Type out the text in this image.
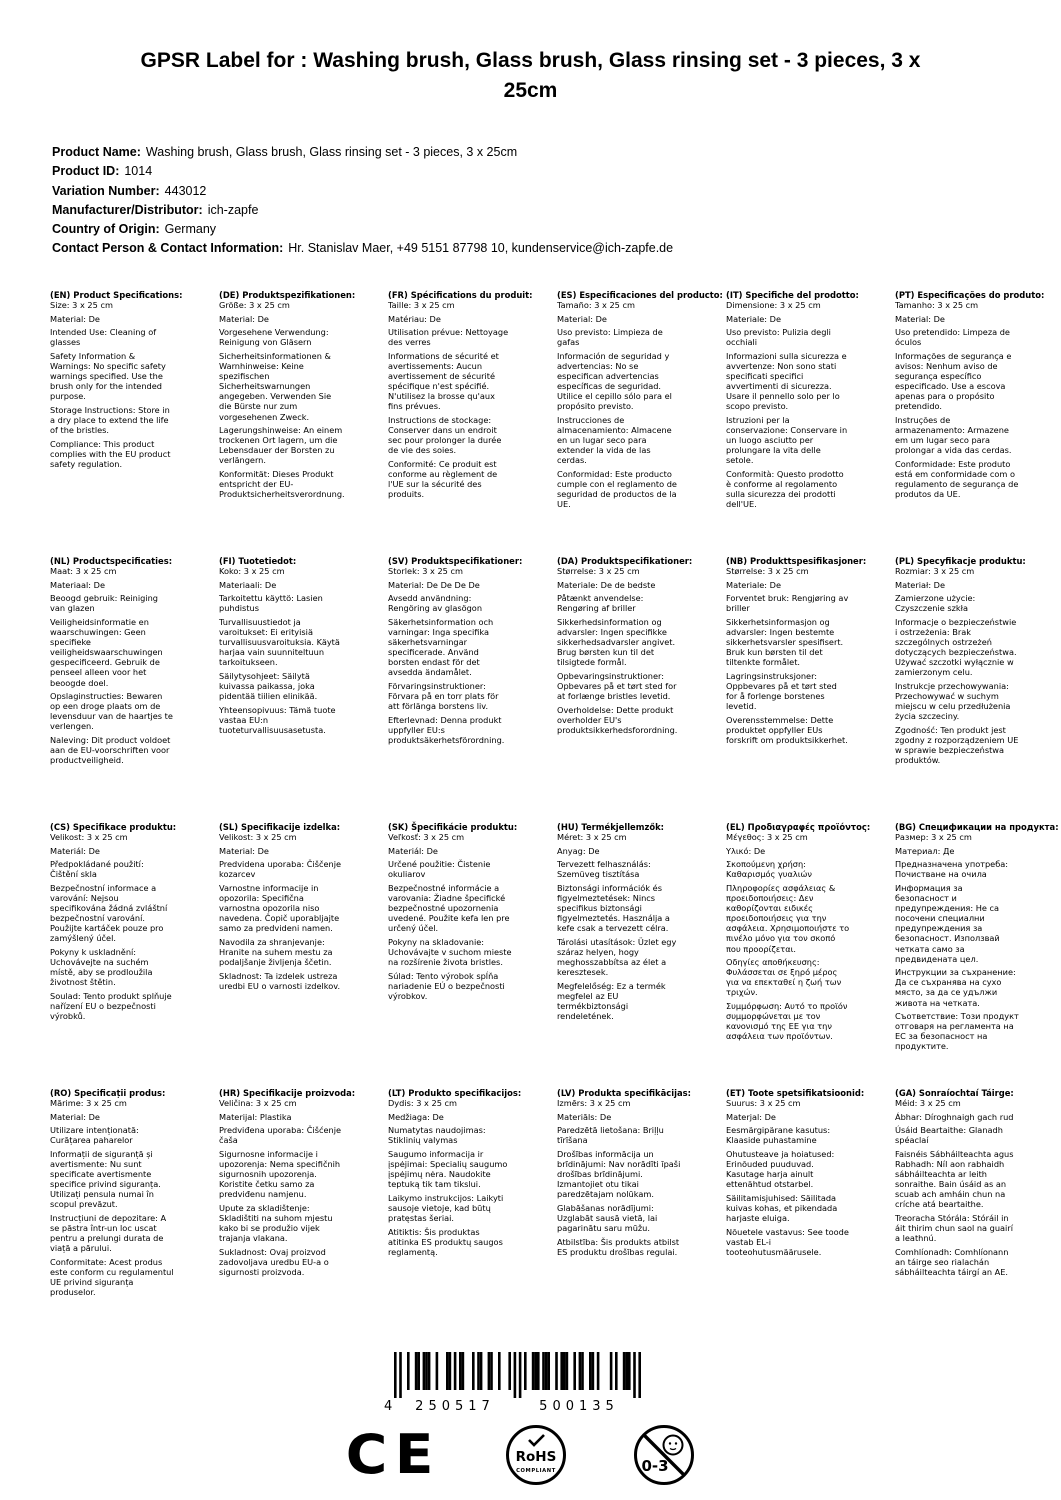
GPSR Label for : Washing brush, Glass brush, Glass rinsing set - 3 pieces, 3 x 25cm
Product Name: Washing brush, Glass brush, Glass rinsing set - 3 pieces, 3 x 25cm
Product ID: 1014
Variation Number: 443012
Manufacturer/Distributor: ich-zapfe
Country of Origin: Germany
Contact Person & Contact Information: Hr. Stanislav Maer, +49 5151 87798 10, kundenservice@ich-zapfe.de
(EN) Product Specifications:

Size: 3 x 25 cm

Material: De

Intended Use: Cleaning of glasses

Safety Information & Warnings: No specific safety warnings specified. Use the brush only for the intended purpose.

Storage Instructions: Store in a dry place to extend the life of the bristles.

Compliance: This product complies with the EU product safety regulation.

(DE) Produktspezifikationen:

Größe: 3 x 25 cm

Material: De

Vorgesehene Verwendung: Reinigung von Gläsern

Sicherheitsinformationen & Warnhinweise: Keine spezifischen Sicherheitswarnungen angegeben. Verwenden Sie die Bürste nur zum vorgesehenen Zweck.

Lagerungshinweise: An einem trockenen Ort lagern, um die Lebensdauer der Borsten zu verlängern.

Konformität: Dieses Produkt entspricht der EU-Produktsicherheitsverordnung.

(FR) Spécifications du produit:

Taille: 3 x 25 cm

Matériau: De

Utilisation prévue: Nettoyage des verres

Informations de sécurité et avertissements: Aucun avertissement de sécurité spécifique n'est spécifié. N'utilisez la brosse qu'aux fins prévues.

Instructions de stockage: Conserver dans un endroit sec pour prolonger la durée de vie des soies.

Conformité: Ce produit est conforme au règlement de l'UE sur la sécurité des produits.

(ES) Especificaciones del producto:

Tamaño: 3 x 25 cm

Material: De

Uso previsto: Limpieza de gafas

Información de seguridad y advertencias: No se especifican advertencias específicas de seguridad. Utilice el cepillo sólo para el propósito previsto.

Instrucciones de almacenamiento: Almacene en un lugar seco para extender la vida de las cerdas.

Conformidad: Este producto cumple con el reglamento de seguridad de productos de la UE.

(IT) Specifiche del prodotto:

Dimensione: 3 x 25 cm

Materiale: De

Uso previsto: Pulizia degli occhiali

Informazioni sulla sicurezza e avvertenze: Non sono stati specificati specifici avvertimenti di sicurezza. Usare il pennello solo per lo scopo previsto.

Istruzioni per la conservazione: Conservare in un luogo asciutto per prolungare la vita delle setole.

Conformità: Questo prodotto è conforme al regolamento sulla sicurezza dei prodotti dell'UE.

(PT) Especificações do produto:

Tamanho: 3 x 25 cm

Material: De

Uso pretendido: Limpeza de óculos

Informações de segurança e avisos: Nenhum aviso de segurança específico especificado. Use a escova apenas para o propósito pretendido.

Instruções de armazenamento: Armazene em um lugar seco para prolongar a vida das cerdas.

Conformidade: Este produto está em conformidade com o regulamento de segurança de produtos da UE.

(NL) Productspecificaties:

Maat: 3 x 25 cm

Materiaal: De

Beoogd gebruik: Reiniging van glazen

Veiligheidsinformatie en waarschuwingen: Geen specifieke veiligheidswaarschuwingen gespecificeerd. Gebruik de penseel alleen voor het beoogde doel.

Opslaginstructies: Bewaren op een droge plaats om de levensduur van de haartjes te verlengen.

Naleving: Dit product voldoet aan de EU-voorschriften voor productveiligheid.

(FI) Tuotetiedot:

Koko: 3 x 25 cm

Materiaali: De

Tarkoitettu käyttö: Lasien puhdistus

Turvallisuustiedot ja varoitukset: Ei erityisiä turvallisuusvaroituksia. Käytä harjaa vain suunniteltuun tarkoitukseen.

Säilytysohjeet: Säilytä kuivassa paikassa, joka pidentää tiilien elinikää.

Yhteensopivuus: Tämä tuote vastaa EU:n tuoteturvallisuusasetusta.

(SV) Produktspecifikationer:

Storlek: 3 x 25 cm

Material: De De De De

Avsedd användning: Rengöring av glasögon

Säkerhetsinformation och varningar: Inga specifika säkerhetsvarningar specificerade. Använd borsten endast för det avsedda ändamålet.

Förvaringsinstruktioner: Förvara på en torr plats för att förlänga borstens liv.

Efterlevnad: Denna produkt uppfyller EU:s produktsäkerhetsförordning.

(DA) Produktspecifikationer:

Størrelse: 3 x 25 cm

Materiale: De de bedste

Påtænkt anvendelse: Rengøring af briller

Sikkerhedsinformation og advarsler: Ingen specifikke sikkerhedsadvarsler angivet. Brug børsten kun til det tilsigtede formål.

Opbevaringsinstruktioner: Opbevares på et tørt sted for at forlænge bristles levetid.

Overholdelse: Dette produkt overholder EU's produktsikkerhedsforordning.

(NB) Produkttspesifikasjoner:

Størrelse: 3 x 25 cm

Materiale: De

Forventet bruk: Rengjøring av briller

Sikkerhetsinformasjon og advarsler: Ingen bestemte sikkerhetsvarsler spesifisert. Bruk kun børsten til det tiltenkte formålet.

Lagringsinstruksjoner: Oppbevares på et tørt sted for å forlenge borstenes levetid.

Overensstemmelse: Dette produktet oppfyller EUs forskrift om produktsikkerhet.

(PL) Specyfikacje produktu:

Rozmiar: 3 x 25 cm

Materiał: De

Zamierzone użycie: Czyszczenie szkła

Informacje o bezpieczeństwie i ostrzeżenia: Brak szczególnych ostrzeżeń dotyczących bezpieczeństwa. Używać szczotki wyłącznie w zamierzonym celu.

Instrukcje przechowywania: Przechowywać w suchym miejscu w celu przedłużenia życia szczeciny.

Zgodność: Ten produkt jest zgodny z rozporządzeniem UE w sprawie bezpieczeństwa produktów.

(CS) Specifikace produktu:

Velikost: 3 x 25 cm

Materiál: De

Předpokládané použití: Čištění skla

Bezpečnostní informace a varování: Nejsou specifikována žádná zvláštní bezpečnostní varování. Použijte kartáček pouze pro zamýšlený účel.

Pokyny k uskladnění: Uchovávejte na suchém místě, aby se prodloužila životnost štětin.

Soulad: Tento produkt splňuje nařízení EU o bezpečnosti výrobků.

(SL) Specifikacije izdelka:

Velikost: 3 x 25 cm

Material: De

Predvidena uporaba: Čiščenje kozarcev

Varnostne informacije in opozorila: Specifična varnostna opozorila niso navedena. Čopič uporabljajte samo za predvideni namen.

Navodila za shranjevanje: Hranite na suhem mestu za podaljšanje življenja ščetin.

Skladnost: Ta izdelek ustreza uredbi EU o varnosti izdelkov.

(SK) Špecifikácie produktu:

Veľkosť: 3 x 25 cm

Materiál: De

Určené použitie: Čistenie okuliarov

Bezpečnostné informácie a varovania: Žiadne špecifické bezpečnostné upozornenia uvedené. Použite kefa len pre určený účel.

Pokyny na skladovanie: Uchovávajte v suchom mieste na rozšírenie života bristles.

Súlad: Tento výrobok spĺňa nariadenie EÚ o bezpečnosti výrobkov.

(HU) Termékjellemzők:

Méret: 3 x 25 cm

Anyag: De

Tervezett felhasználás: Szemüveg tisztítása

Biztonsági információk és figyelmeztetések: Nincs specifikus biztonsági figyelmeztetés. Használja a kefe csak a tervezett célra.

Tárolási utasítások: Üzlet egy száraz helyen, hogy meghosszabbítsa az élet a keresztesek.

Megfelelőség: Ez a termék megfelel az EU termékbiztonsági rendeletének.

(EL) Προδιαγραφές προϊόντος:

Μέγεθος: 3 x 25 cm

Υλικό: De

Σκοπούμενη χρήση: Καθαρισμός γυαλιών

Πληροφορίες ασφάλειας & προειδοποιήσεις: Δεν καθορίζονται ειδικές προειδοποιήσεις για την ασφάλεια. Χρησιμοποιήστε το πινέλο μόνο για τον σκοπό που προορίζεται.

Οδηγίες αποθήκευσης: Φυλάσσεται σε ξηρό μέρος για να επεκταθεί η ζωή των τριχών.

Συμμόρφωση: Αυτό το προϊόν συμμορφώνεται με τον κανονισμό της ΕΕ για την ασφάλεια των προϊόντων.

(BG) Спецификации на продукта:

Размер: 3 x 25 cm

Материал: Де

Предназначена употреба: Почистване на очила

Информация за безопасност и предупреждения: Не са посочени специални предупреждения за безопасност. Използвай четката само за предвидената цел.

Инструкции за съхранение: Да се съхранява на сухо място, за да се удължи живота на четката.

Съответствие: Този продукт отговаря на регламента на ЕС за безопасност на продуктите.

(RO) Specificații produs:

Mărime: 3 x 25 cm

Material: De

Utilizare intenționată: Curățarea paharelor

Informații de siguranță și avertismente: Nu sunt specificate avertismente specifice privind siguranța. Utilizați pensula numai în scopul prevăzut.

Instrucțiuni de depozitare: A se păstra într-un loc uscat pentru a prelungi durata de viață a părului.

Conformitate: Acest produs este conform cu regulamentul UE privind siguranța produselor.

(HR) Specifikacije proizvoda:

Veličina: 3 x 25 cm

Materijal: Plastika

Predviđena uporaba: Čišćenje čaša

Sigurnosne informacije i upozorenja: Nema specifičnih sigurnosnih upozorenja. Koristite četku samo za predviđenu namjenu.

Upute za skladištenje: Skladištiti na suhom mjestu kako bi se produžio vijek trajanja vlakana.

Sukladnost: Ovaj proizvod zadovoljava uredbu EU-a o sigurnosti proizvoda.

(LT) Produkto specifikacijos:

Dydis: 3 x 25 cm

Medžiaga: De

Numatytas naudojimas: Stiklinių valymas

Saugumo informacija ir įspėjimai: Specialių saugumo įspėjimų nėra. Naudokite teptuką tik tam tikslui.

Laikymo instrukcijos: Laikyti sausoje vietoje, kad būtų pratęstas šeriai.

Atitiktis: Šis produktas atitinka ES produktų saugos reglamentą.

(LV) Produkta specifikācijas:

Izmērs: 3 x 25 cm

Materiāls: De

Paredzētā lietošana: Briļļu tīrīšana

Drošības informācija un brīdinājumi: Nav norādīti īpaši drošības brīdinājumi. Izmantojiet otu tikai paredzētajam nolūkam.

Glabāšanas norādījumi: Uzglabāt sausā vietā, lai pagarinātu saru mūžu.

Atbilstība: Šis produkts atbilst ES produktu drošības regulai.

(ET) Toote spetsifikatsioonid:

Suurus: 3 x 25 cm

Materjal: De

Eesmärgipärane kasutus: Klaaside puhastamine

Ohutusteave ja hoiatused: Erinõuded puuduvad. Kasutage harja ainult ettenähtud otstarbel.

Säilitamisjuhised: Säilitada kuivas kohas, et pikendada harjaste eluiga.

Nõuetele vastavus: See toode vastab EL-i tooteohutusmäärusele.

(GA) Sonraíochtaí Táirge:

Méid: 3 x 25 cm

Ábhar: Díroghnaigh gach rud

Úsáid Beartaithe: Glanadh spéaclaí

Faisnéis Sábháilteachta agus Rabhadh: Níl aon rabhaidh sábháilteachta ar leith sonraithe. Bain úsáid as an scuab ach amháin chun na críche atá beartaithe.

Treoracha Stórála: Stóráil in áit thirim chun saol na guairí a leathnú.

Comhlíonadh: Comhlíonann an táirge seo rialachán sábháilteachta táirgí an AE.

4 250517	500135
CE	RoHS
COMPLIANT	0-3
